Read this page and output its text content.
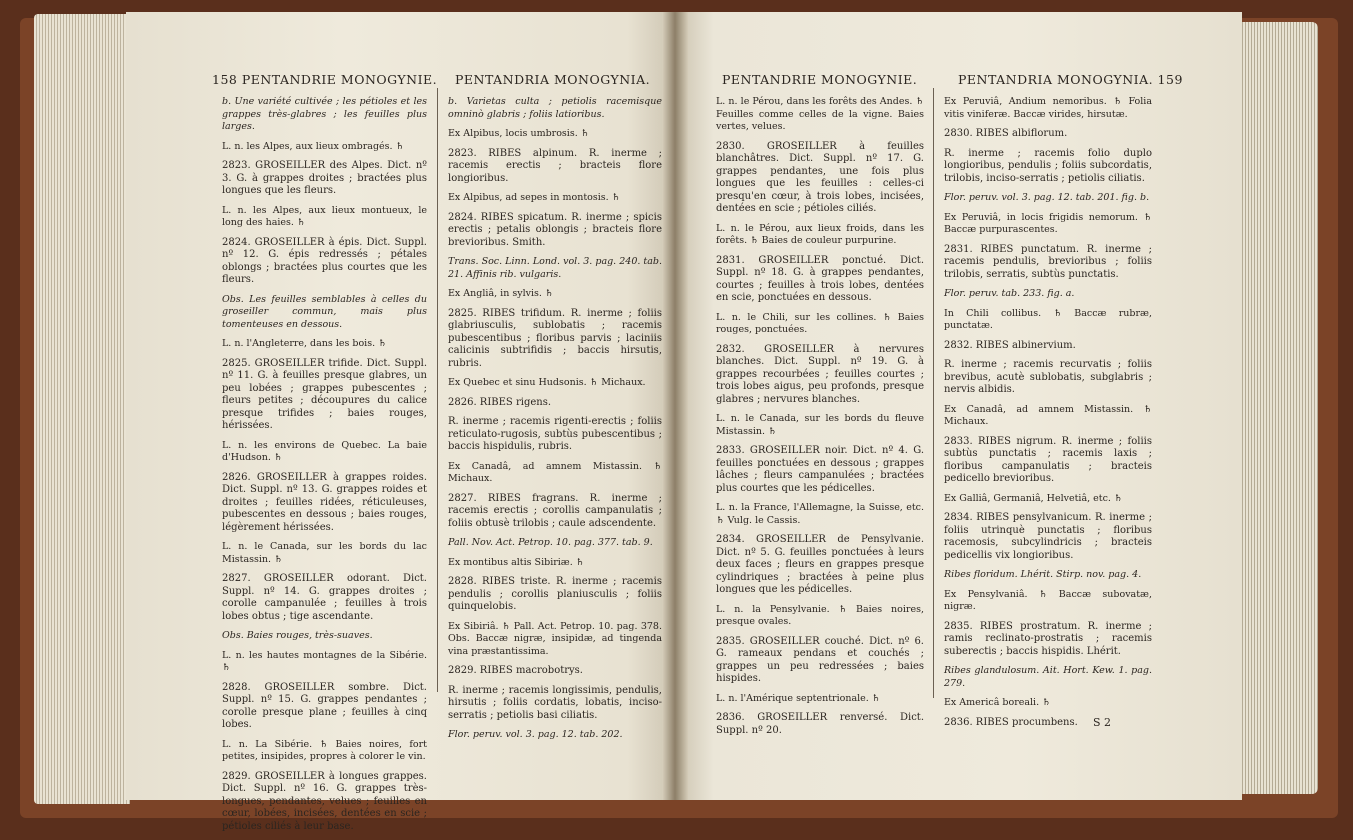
158 PENTANDRIE MONOGYNIE. PENTANDRIA MONOGYNIA.	PENTANDRIE MONOGYNIE.	PENTANDRIA MONOGYNIA. 159

b. Une variété cultivée ; les pétioles et les grappes très-glabres ; les feuilles plus larges.

L. n. les Alpes, aux lieux ombragés. ♄

2823. GROSEILLER des Alpes. Dict. nº 3. G. à grappes droites ; bractées plus longues que les fleurs.

L. n. les Alpes, aux lieux montueux, le long des haies. ♄

2824. GROSEILLER à épis. Dict. Suppl. nº 12. G. épis redressés ; pétales oblongs ; bractées plus courtes que les fleurs.

Obs. Les feuilles semblables à celles du groseiller commun, mais plus tomenteuses en dessous.

L. n. l'Angleterre, dans les bois. ♄

2825. GROSEILLER trifide. Dict. Suppl. nº 11. G. à feuilles presque glabres, un peu lobées ; grappes pubescentes ; fleurs petites ; découpures du calice presque trifides ; baies rouges, hérissées.

L. n. les environs de Quebec. La baie d'Hudson. ♄

2826. GROSEILLER à grappes roides. Dict. Suppl. nº 13. G. grappes roides et droites ; feuilles ridées, réticuleuses, pubescentes en dessous ; baies rouges, légèrement hérissées.

L. n. le Canada, sur les bords du lac Mistassin. ♄

2827. GROSEILLER odorant. Dict. Suppl. nº 14. G. grappes droites ; corolle campanulée ; feuilles à trois lobes obtus ; tige ascendante.

Obs. Baies rouges, très-suaves.

L. n. les hautes montagnes de la Sibérie. ♄

2828. GROSEILLER sombre. Dict. Suppl. nº 15. G. grappes pendantes ; corolle presque plane ; feuilles à cinq lobes.

L. n. La Sibérie. ♄ Baies noires, fort petites, insipides, propres à colorer le vin.

2829. GROSEILLER à longues grappes. Dict. Suppl. nº 16. G. grappes très-longues, pendantes, velues ; feuilles en cœur, lobées, incisées, dentées en scie ; pétioles ciliés à leur base.

b. Varietas culta ; petiolis racemisque omninò glabris ; foliis latioribus.

Ex Alpibus, locis umbrosis. ♄

2823. RIBES alpinum. R. inerme ; racemis erectis ; bracteis flore longioribus.

Ex Alpibus, ad sepes in montosis. ♄

2824. RIBES spicatum. R. inerme ; spicis erectis ; petalis oblongis ; bracteis flore brevioribus. Smith.

Trans. Soc. Linn. Lond. vol. 3. pag. 240. tab. 21. Affinis rib. vulgaris.

Ex Angliâ, in sylvis. ♄

2825. RIBES trifidum. R. inerme ; foliis glabriusculis, sublobatis ; racemis pubescentibus ; floribus parvis ; laciniis calicinis subtrifidis ; baccis hirsutis, rubris.

Ex Quebec et sinu Hudsonis. ♄ Michaux.

2826. RIBES rigens.

R. inerme ; racemis rigenti-erectis ; foliis reticulato-rugosis, subtùs pubescentibus ; baccis hispidulis, rubris.

Ex Canadâ, ad amnem Mistassin. ♄ Michaux.

2827. RIBES fragrans. R. inerme ; racemis erectis ; corollis campanulatis ; foliis obtusè trilobis ; caule adscendente.

Pall. Nov. Act. Petrop. 10. pag. 377. tab. 9.

Ex montibus altis Sibiriæ. ♄

2828. RIBES triste. R. inerme ; racemis pendulis ; corollis planiusculis ; foliis quinquelobis.

Ex Sibiriâ. ♄ Pall. Act. Petrop. 10. pag. 378. Obs. Baccæ nigræ, insipidæ, ad tingenda vina præstantissima.

2829. RIBES macrobotrys.

R. inerme ; racemis longissimis, pendulis, hirsutis ; foliis cordatis, lobatis, inciso-serratis ; petiolis basi ciliatis.

Flor. peruv. vol. 3. pag. 12. tab. 202.

L. n. le Pérou, dans les forêts des Andes. ♄ Feuilles comme celles de la vigne. Baies vertes, velues.

2830. GROSEILLER à feuilles blanchâtres. Dict. Suppl. nº 17. G. grappes pendantes, une fois plus longues que les feuilles : celles-ci presqu'en cœur, à trois lobes, incisées, dentées en scie ; pétioles ciliés.

L. n. le Pérou, aux lieux froids, dans les forêts. ♄ Baies de couleur purpurine.

2831. GROSEILLER ponctué. Dict. Suppl. nº 18. G. à grappes pendantes, courtes ; feuilles à trois lobes, dentées en scie, ponctuées en dessous.

L. n. le Chili, sur les collines. ♄ Baies rouges, ponctuées.

2832. GROSEILLER à nervures blanches. Dict. Suppl. nº 19. G. à grappes recourbées ; feuilles courtes ; trois lobes aigus, peu profonds, presque glabres ; nervures blanches.

L. n. le Canada, sur les bords du fleuve Mistassin. ♄

2833. GROSEILLER noir. Dict. nº 4. G. feuilles ponctuées en dessous ; grappes lâches ; fleurs campanulées ; bractées plus courtes que les pédicelles.

L. n. la France, l'Allemagne, la Suisse, etc. ♄ Vulg. le Cassis.

2834. GROSEILLER de Pensylvanie. Dict. nº 5. G. feuilles ponctuées à leurs deux faces ; fleurs en grappes presque cylindriques ; bractées à peine plus longues que les pédicelles.

L. n. la Pensylvanie. ♄ Baies noires, presque ovales.

2835. GROSEILLER couché. Dict. nº 6. G. rameaux pendans et couchés ; grappes un peu redressées ; baies hispides.

L. n. l'Amérique septentrionale. ♄

2836. GROSEILLER renversé. Dict. Suppl. nº 20.

Ex Peruviâ, Andium nemoribus. ♄ Folia vitis viniferæ. Baccæ virides, hirsutæ.

2830. RIBES albiflorum.

R. inerme ; racemis folio duplo longioribus, pendulis ; foliis subcordatis, trilobis, inciso-serratis ; petiolis ciliatis.

Flor. peruv. vol. 3. pag. 12. tab. 201. fig. b.

Ex Peruviâ, in locis frigidis nemorum. ♄ Baccæ purpurascentes.

2831. RIBES punctatum. R. inerme ; racemis pendulis, brevioribus ; foliis trilobis, serratis, subtùs punctatis.

Flor. peruv. tab. 233. fig. a.

In Chili collibus. ♄ Baccæ rubræ, punctatæ.

2832. RIBES albinervium.

R. inerme ; racemis recurvatis ; foliis brevibus, acutè sublobatis, subglabris ; nervis albidis.

Ex Canadâ, ad amnem Mistassin. ♄ Michaux.

2833. RIBES nigrum. R. inerme ; foliis subtùs punctatis ; racemis laxis ; floribus campanulatis ; bracteis pedicello brevioribus.

Ex Galliâ, Germaniâ, Helvetiâ, etc. ♄

2834. RIBES pensylvanicum. R. inerme ; foliis utrinquè punctatis ; floribus racemosis, subcylindricis ; bracteis pedicellis vix longioribus.

Ribes floridum. Lhérit. Stirp. nov. pag. 4.

Ex Pensylvaniâ. ♄ Baccæ subovatæ, nigræ.

2835. RIBES prostratum. R. inerme ; ramis reclinato-prostratis ; racemis suberectis ; baccis hispidis. Lhérit.

Ribes glandulosum. Ait. Hort. Kew. 1. pag. 279.

Ex Americâ boreali. ♄

2836. RIBES procumbens.	S 2
